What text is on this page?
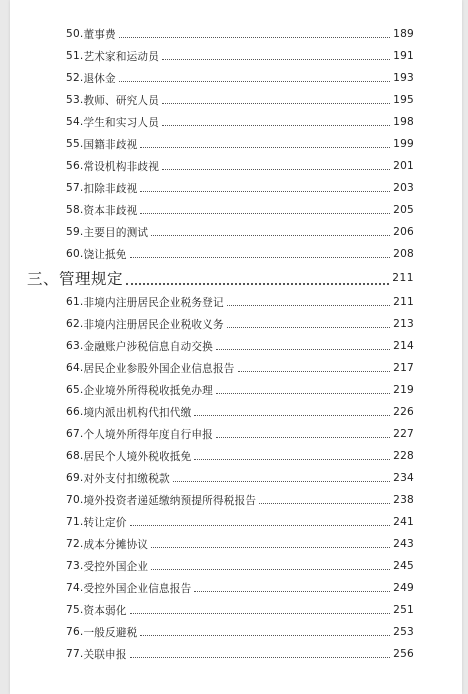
50. 董事费	189
51. 艺术家和运动员	191
52. 退休金	193
53. 教师、研究人员	195
54. 学生和实习人员	198
55. 国籍非歧视	199
56. 常设机构非歧视	201
57. 扣除非歧视	203
58. 资本非歧视	205
59. 主要目的测试	206
60. 饶让抵免	208
三、管理规定	211
61. 非境内注册居民企业税务登记	211
62. 非境内注册居民企业税收义务	213
63. 金融账户涉税信息自动交换	214
64. 居民企业参股外国企业信息报告	217
65. 企业境外所得税收抵免办理	219
66. 境内派出机构代扣代缴	226
67. 个人境外所得年度自行申报	227
68. 居民个人境外税收抵免	228
69. 对外支付扣缴税款	234
70. 境外投资者递延缴纳预提所得税报告	238
71. 转让定价	241
72. 成本分摊协议	243
73. 受控外国企业	245
74. 受控外国企业信息报告	249
75. 资本弱化	251
76. 一般反避税	253
77. 关联申报	256
